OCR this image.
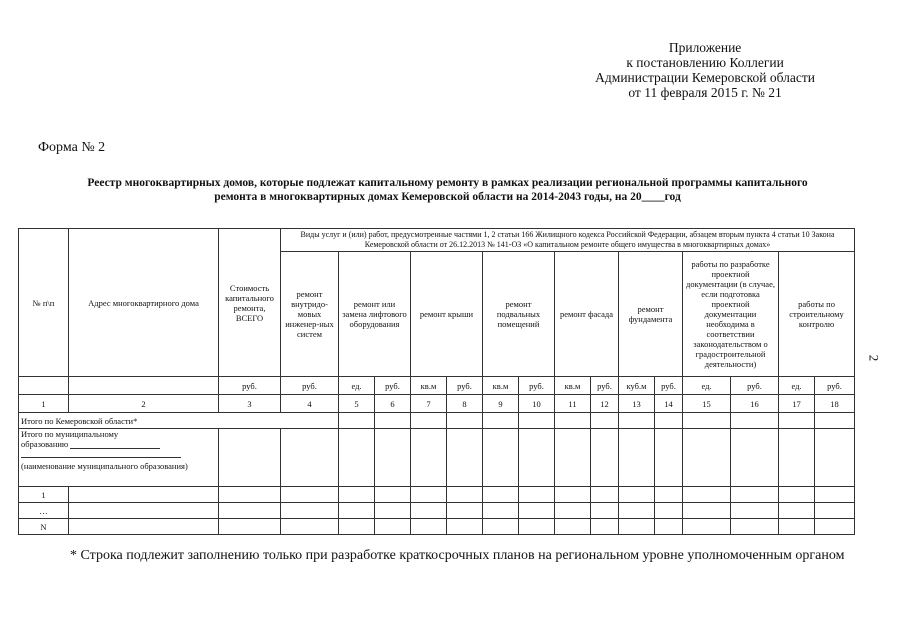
Приложение
к постановлению Коллегии
Администрации Кемеровской области
от 11 февраля 2015 г. № 21
Форма № 2
Реестр многоквартирных домов, которые подлежат капитальному ремонту в рамках реализации региональной программы капитального
ремонта в многоквартирных домах Кемеровской области на 2014-2043 годы, на 20____год
2
№ п\п	Адрес многоквартирного дома	Стоимость капитального ремонта, ВСЕГО	Виды услуг и (или) работ, предусмотренные частями 1, 2 статьи 166 Жилищного кодекса Российской Федерации, абзацем вторым пункта 4 статьи 10 Закона Кемеровской области от 26.12.2013 № 141-ОЗ «О капитальном ремонте общего имущества в многоквартирных домах»														
			ремонт внутридо-мовых инженер-ных систем	ремонт или замена лифтового оборудования		ремонт крыши		ремонт подвальных помещений		ремонт фасада		ремонт фундамента		работы по разработке проектной документации (в случае, если подготовка проектной документации необходима в соответствии законодательством о градостроительной деятельности)		работы по строительному контролю	
		руб.	руб.	ед.	руб.	кв.м	руб.	кв.м	руб.	кв.м	руб.	куб.м	руб.	ед.	руб.	ед.	руб.
1	2	3	4	5	6	7	8	9	10	11	12	13	14	15	16	17	18
Итого по Кемеровской области*																	

Итого по муниципальному
образованию
(наименование муниципального образования)																	

1																	
…																	
N																	
* Строка подлежит заполнению только при разработке краткосрочных планов на региональном уровне уполномоченным органом
